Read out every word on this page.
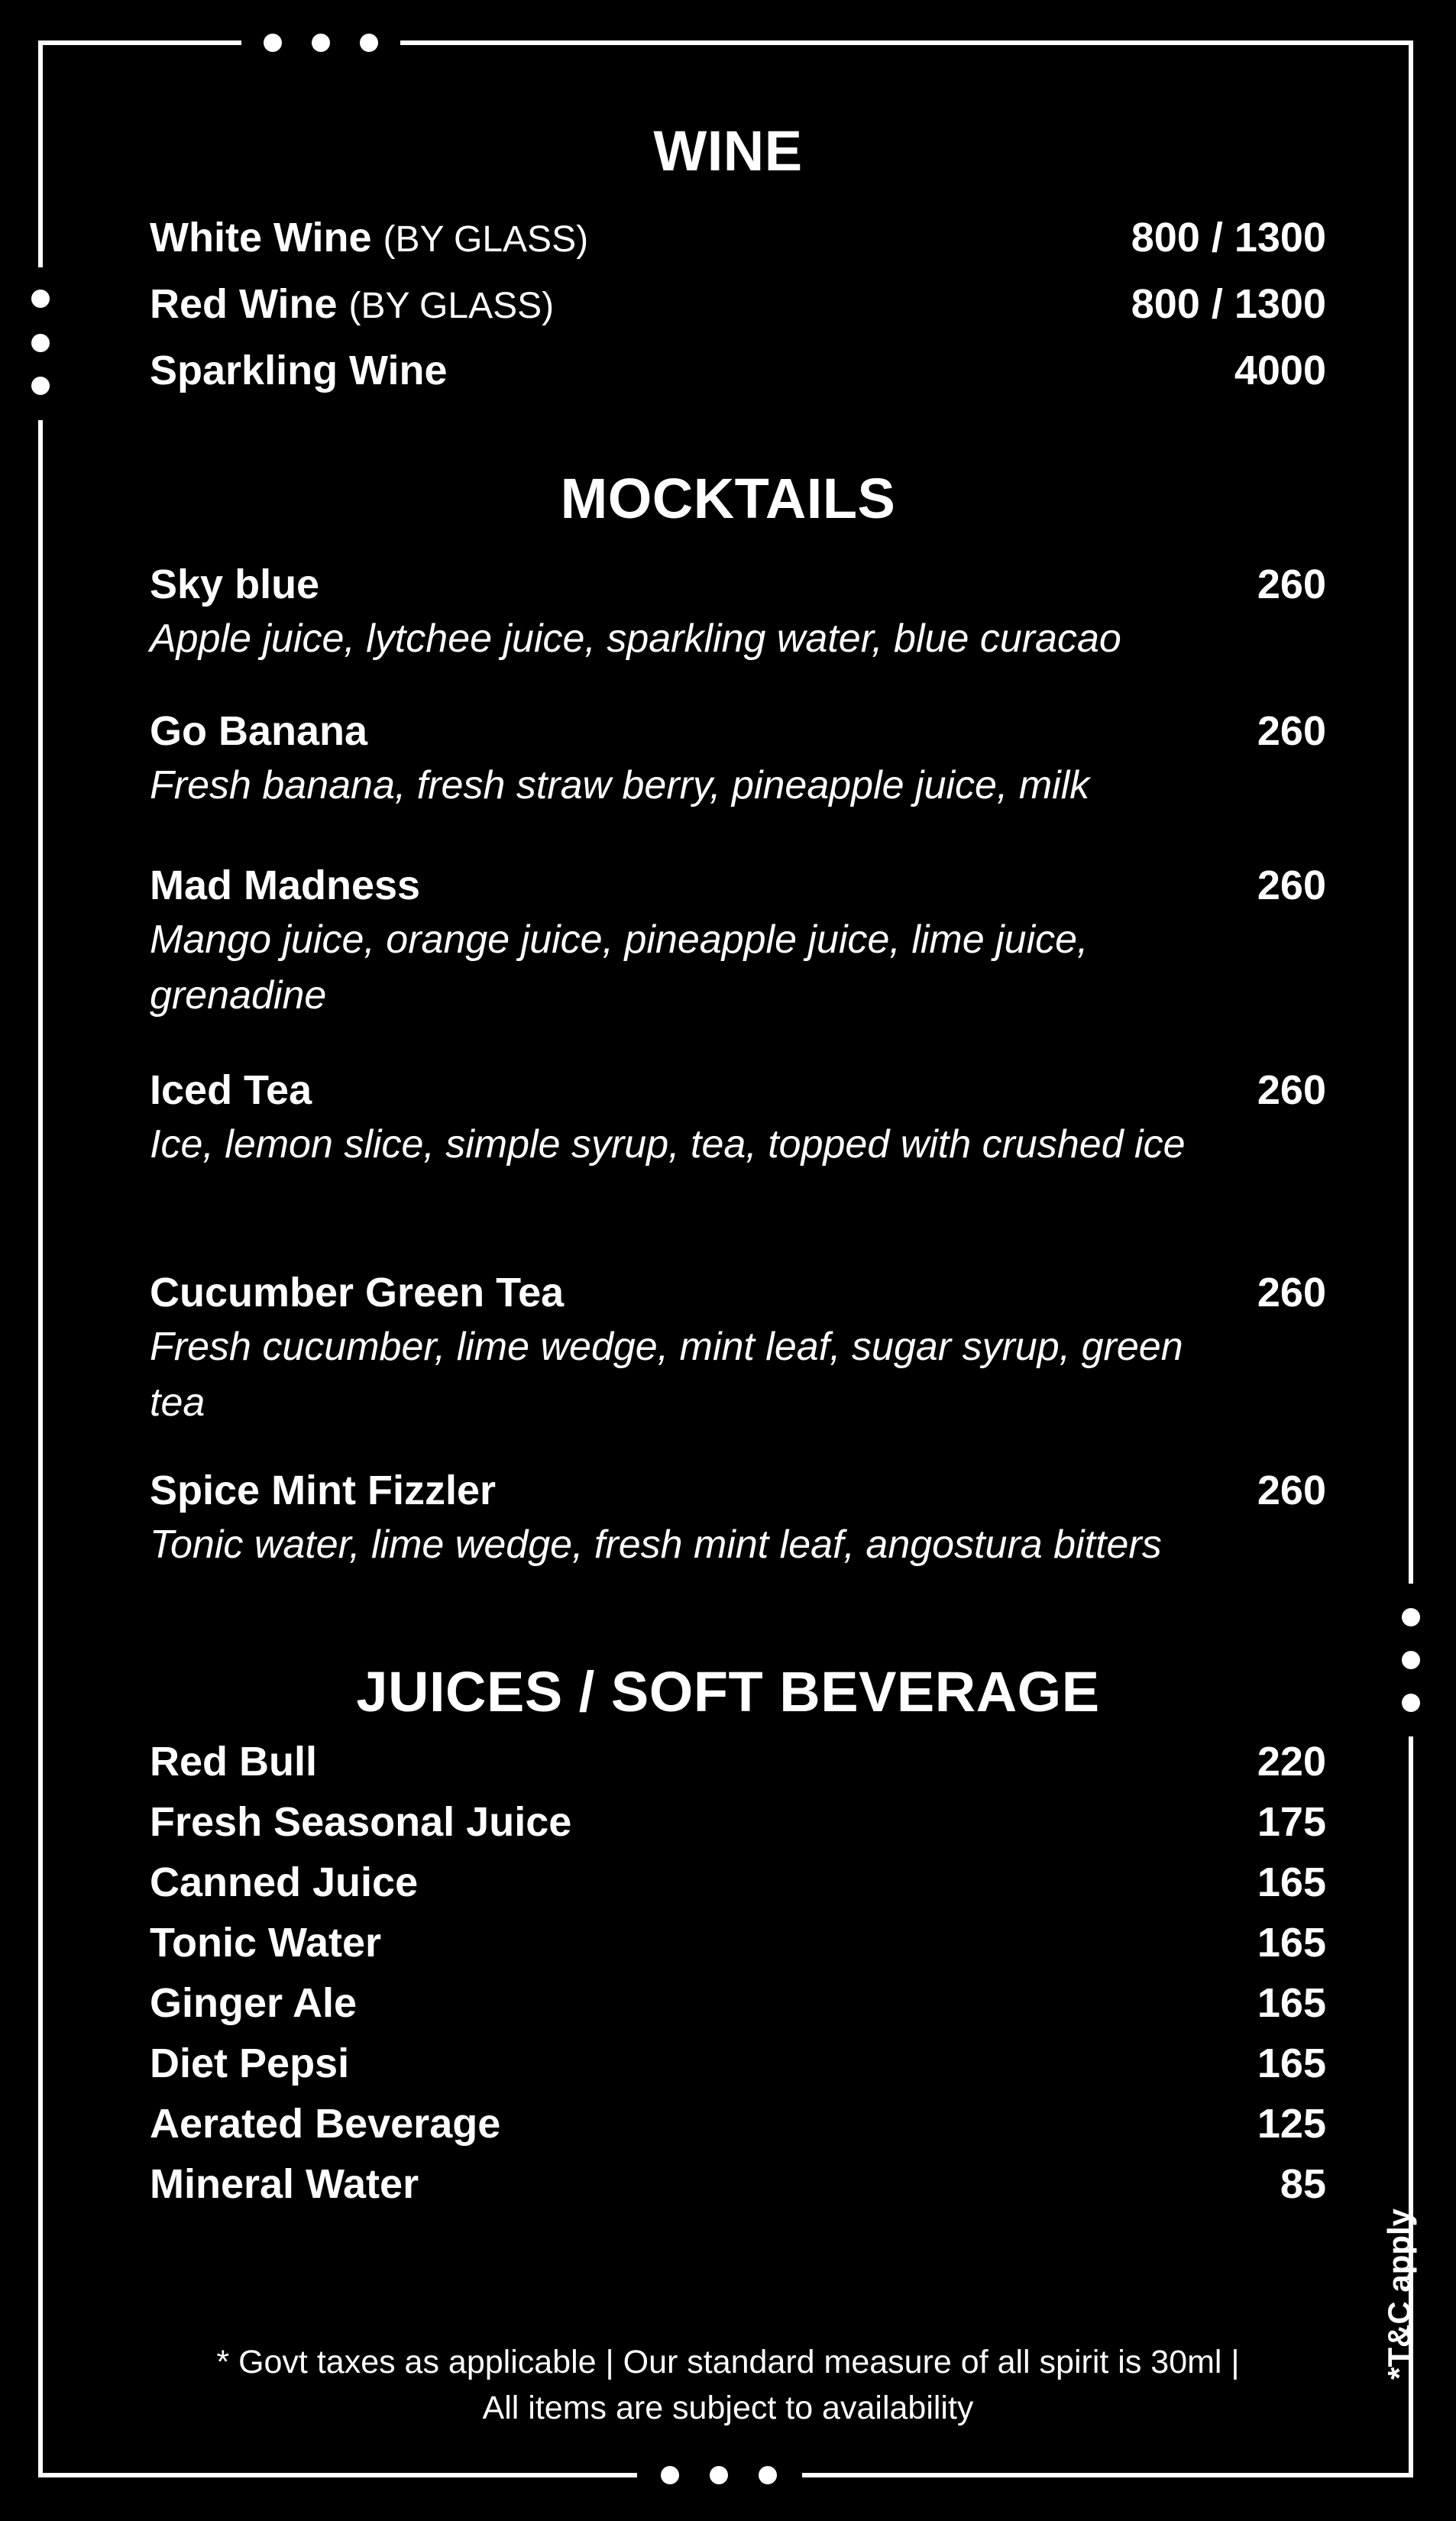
WINE
White Wine (BY GLASS)	800 / 1300
Red Wine (BY GLASS)	800 / 1300
Sparkling Wine	4000
MOCKTAILS
Sky blue	260
Apple juice, lytchee juice, sparkling water, blue curacao
Go Banana	260
Fresh banana, fresh straw berry, pineapple juice, milk
Mad Madness	260
Mango juice, orange juice, pineapple juice, lime juice, grenadine
Iced Tea	260
Ice, lemon slice, simple syrup, tea, topped with crushed ice
Cucumber Green Tea	260
Fresh cucumber, lime wedge, mint leaf, sugar syrup, green tea
Spice Mint Fizzler	260
Tonic water, lime wedge, fresh mint leaf, angostura bitters
JUICES / SOFT BEVERAGE
Red Bull	220
Fresh Seasonal Juice	175
Canned Juice	165
Tonic Water	165
Ginger Ale	165
Diet Pepsi	165
Aerated Beverage	125
Mineral Water	85
*T&C apply
* Govt taxes as applicable | Our standard measure of all spirit is 30ml |
All items are subject to availability
